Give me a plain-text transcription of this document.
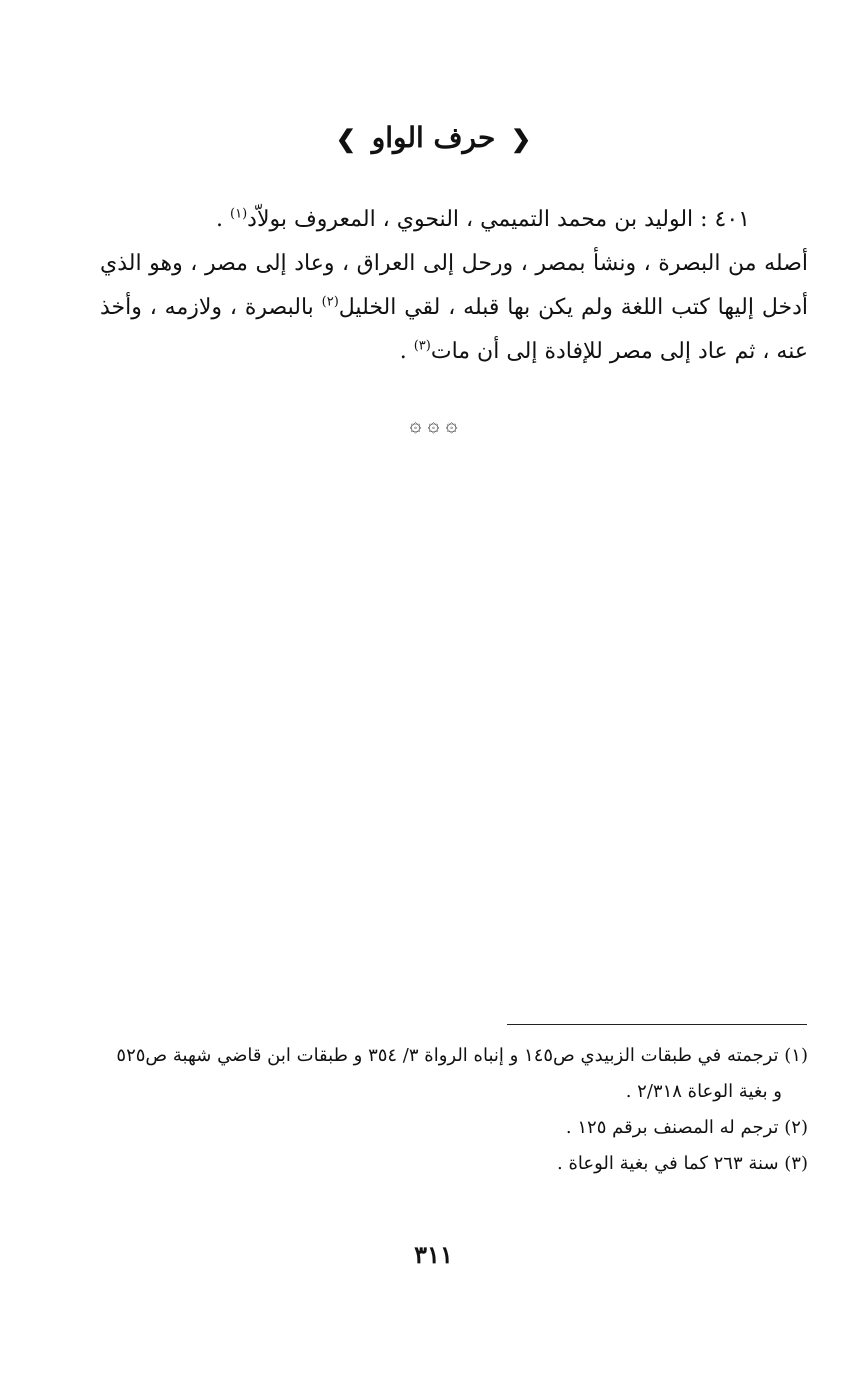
❮ حرف الواو ❯

٤٠١ : الوليد بن محمد التميمي ، النحوي ، المعروف بولاّد$^{(١)}$ .

أصله من البصرة ، ونشأ بمصر ، ورحل إلى العراق ، وعاد إلى مصر ، وهو الذي أدخل إليها كتب اللغة ولم يكن بها قبله ، لقي الخليل$^{(٢)}$ بالبصرة ، ولازمه ، وأخذ عنه ، ثم عاد إلى مصر للإفادة إلى أن مات$^{(٣)}$ .

۞ ۞ ۞

(١) ترجمته في طبقات الزبيدي ص١٤٥ و إنباه الرواة ٣/ ٣٥٤ و طبقات ابن قاضي شهبة ص٥٢٥

و بغية الوعاة ٢/٣١٨ .

(٢) ترجم له المصنف برقم ١٢٥ .

(٣) سنة ٢٦٣ كما في بغية الوعاة .

٣١١
